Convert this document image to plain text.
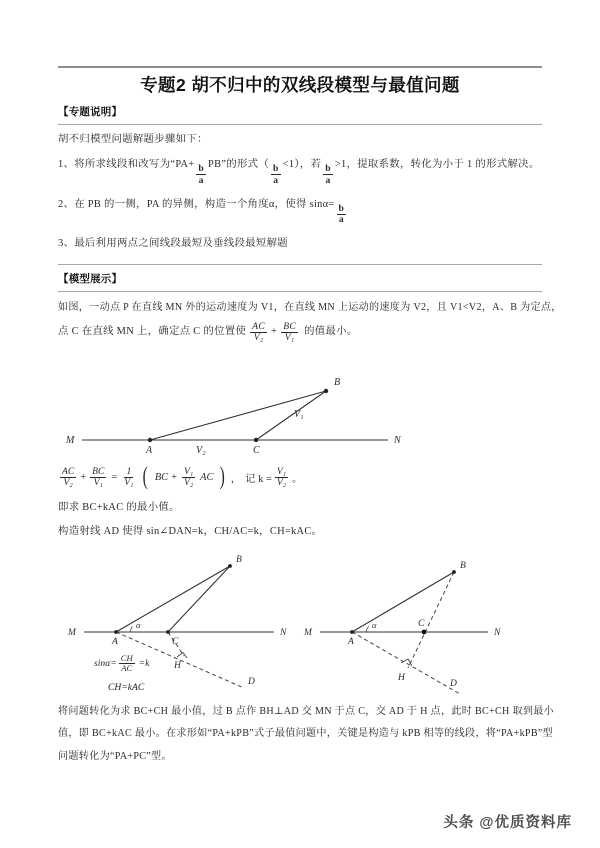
专题2 胡不归中的双线段模型与最值问题
【专题说明】
胡不归模型问题解题步骤如下：
1、将所求线段和改写为“$PA+ \frac{b}{a}$ PB”的形式（ $\frac{b}{a} <1$），若 $\frac{b}{a} >1$，提取系数，转化为小于 1 的形式解决。
2、在 PB 的一侧，PA 的异侧，构造一个角度α，使得 $\sin\alpha= \frac{b}{a}$
3、最后利用两点之间线段最短及垂线段最短解题
【模型展示】
如图，一动点 P 在直线 MN 外的运动速度为 V1，在直线 MN 上运动的速度为 V2，且 V1<V2，A、B 为定点，
点 C 在直线 MN 上，确定点 C 的位置使 $\frac{AC}{\text{V₂}} + \frac{BC}{\text{V₁}}$ 的值最小。
M	N
A	C
B
V₁
V₂
$\frac{AC}{\text{V₂}} + \frac{BC}{\text{V₁}} = \frac{1}{\text{V₁}}$ ( BC + $\frac{\text{V₁}}{\text{V₂}}$ AC ) ， 记 $k = \frac{\text{V₁}}{\text{V₂}}$ 。
即求 BC+kAC 的最小值。
构造射线 AD 使得 sin∠DAN=k，CH/AC=k，CH=kAC。
M	N
A	C
B
H
D
α
$\sin\alpha= \frac{CH}{AC} =k$
CH=kAC
M	N
A
C
B
H
D
α
将问题转化为求 BC+CH 最小值，过 B 点作 BH⊥AD 交 MN 于点 C，交 AD 于 H 点，此时 BC+CH 取到最小
值，即 BC+kAC 最小。在求形如“PA+kPB”式子最值问题中，关键是构造与 kPB 相等的线段，将“PA+kPB”型
问题转化为“PA+PC”型。
头条 @优质资料库
